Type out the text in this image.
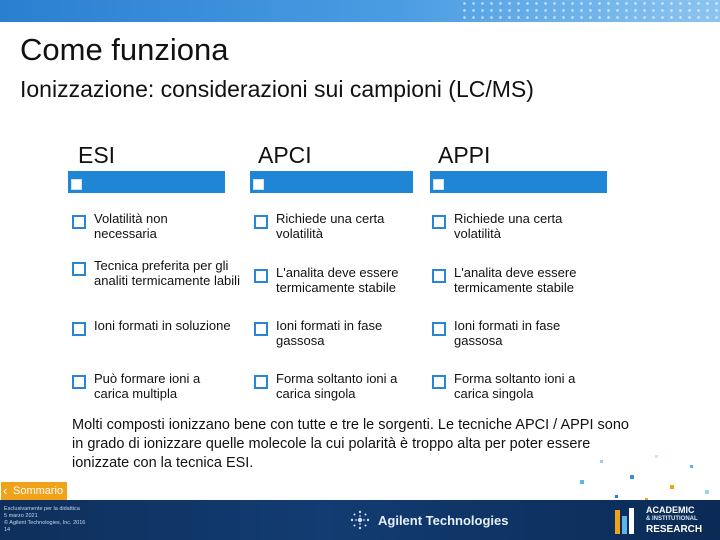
Come funziona
Ionizzazione: considerazioni sui campioni (LC/MS)
ESI	APCI	APPI
Volatilità non necessaria
Tecnica preferita per gli analiti termicamente labili
Ioni formati in soluzione
Può formare ioni a carica multipla
Richiede una certa volatilità
L'analita deve essere termicamente stabile
Ioni formati in fase gassosa
Forma soltanto ioni a carica singola
Richiede una certa volatilità
L'analita deve essere termicamente stabile
Ioni formati in fase gassosa
Forma soltanto ioni a carica singola
Molti composti ionizzano bene con tutte e tre le sorgenti. Le tecniche APCI / APPI sono in grado di ionizzare quelle molecole la cui polarità è troppo alta per poter essere ionizzate con la tecnica ESI.
‹ Sommario
Esclusivamente per la didattica
5 marzo 2021
© Agilent Technologies, Inc. 2016
14
Agilent Technologies
ACADEMIC
& INSTITUTIONAL
RESEARCH
